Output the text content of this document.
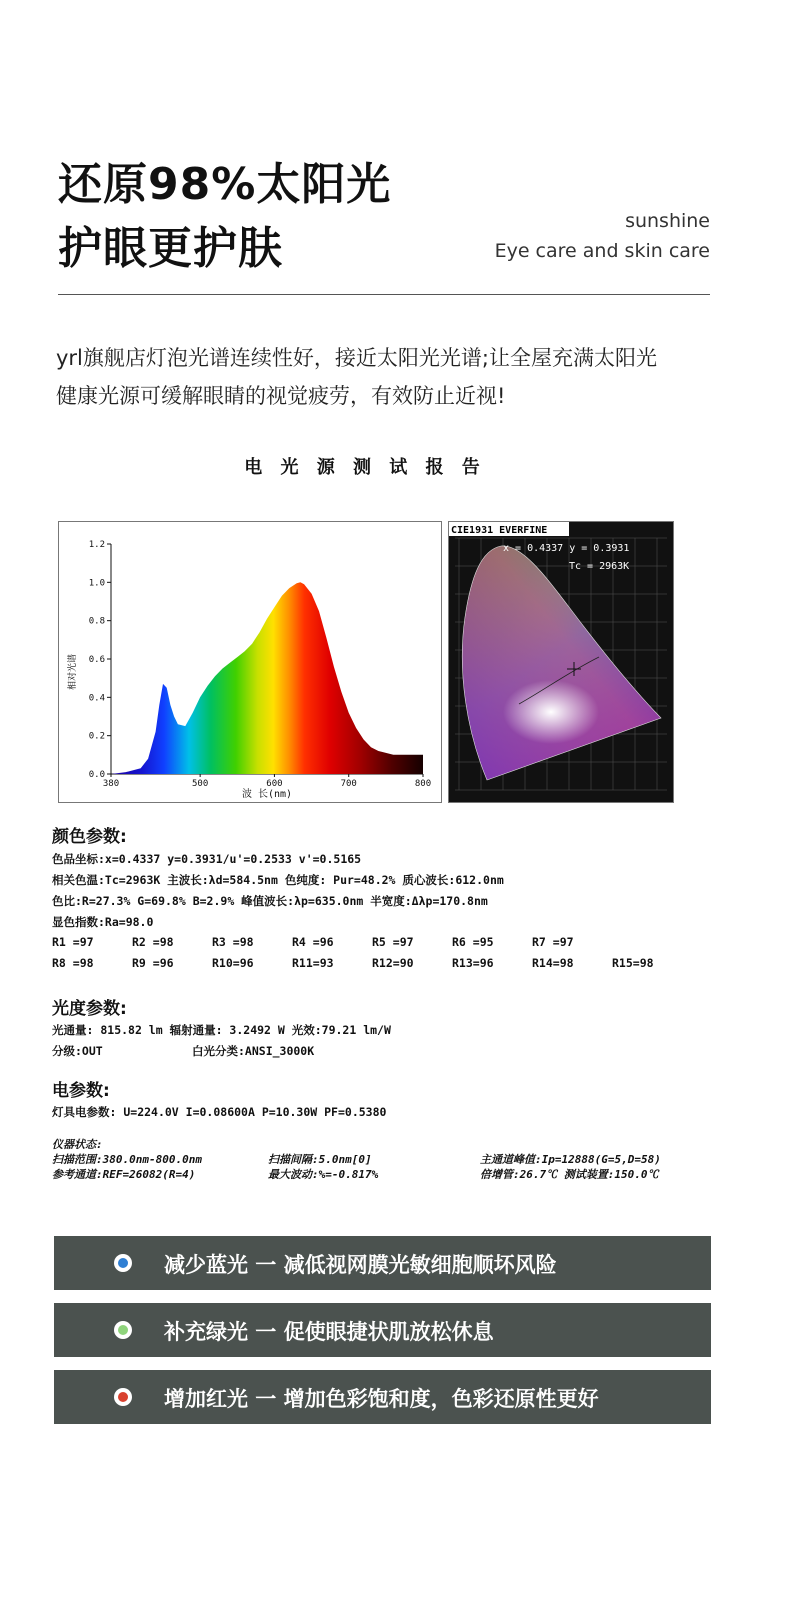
还原98%太阳光
护眼更护肤
sunshine
Eye care and skin care
yrl旗舰店灯泡光谱连续性好，接近太阳光光谱;让全屋充满太阳光
健康光源可缓解眼睛的视觉疲劳，有效防止近视!
电 光 源 测 试 报 告
0.0
0.2
0.4
0.6
0.8
1.0
1.2
380	500	600	700	800
相对光谱
波 长(nm)
CIE1931 EVERFINE
x = 0.4337 y = 0.3931
Tc = 2963K
颜色参数:
色品坐标:x=0.4337 y=0.3931/u'=0.2533 v'=0.5165
相关色温:Tc=2963K 主波长:λd=584.5nm 色纯度: Pur=48.2% 质心波长:612.0nm
色比:R=27.3% G=69.8% B=2.9% 峰值波长:λp=635.0nm 半宽度:Δλp=170.8nm
显色指数:Ra=98.0
R1 =97	R2 =98	R3 =98	R4 =96	R5 =97	R6 =95	R7 =97
R8 =98	R9 =96	R10=96	R11=93	R12=90	R13=96	R14=98	R15=98
光度参数:
光通量: 815.82 lm 辐射通量: 3.2492 W 光效:79.21 lm/W
分级:OUT	白光分类:ANSI_3000K
电参数:
灯具电参数: U=224.0V I=0.08600A P=10.30W PF=0.5380
仪器状态:
扫描范围:380.0nm-800.0nm	扫描间隔:5.0nm[0]	主通道峰值:Ip=12888(G=5,D=58)
参考通道:REF=26082(R=4)	最大波动:%=-0.817%	倍增管:26.7℃ 测试装置:150.0℃
减少蓝光 一 减低视网膜光敏细胞顺坏风险
补充绿光 一 促使眼捷状肌放松休息
增加红光 一 增加色彩饱和度，色彩还原性更好
